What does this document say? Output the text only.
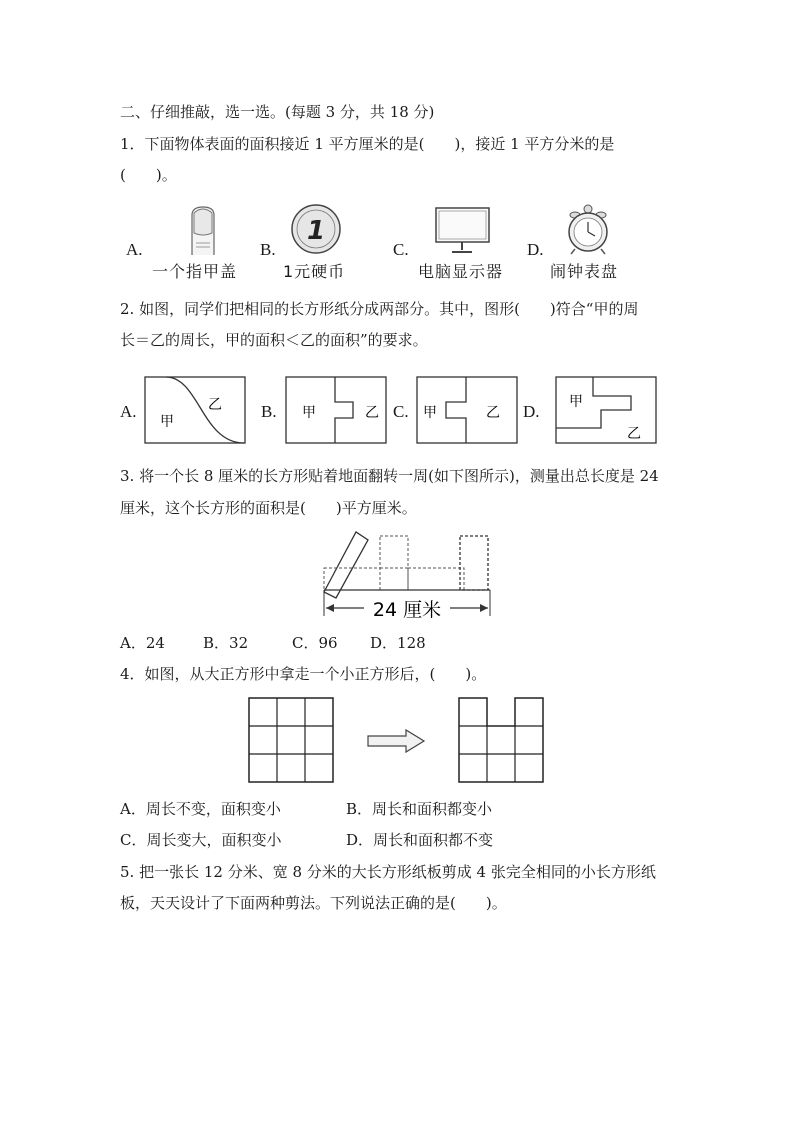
二、仔细推敲，选一选。(每题 3 分，共 18 分)
1．下面物体表面的面积接近 1 平方厘米的是(　　)，接近 1 平方分米的是
(　　)。
A.
一个指甲盖
B.
1
1元硬币
C.
电脑显示器
D.
闹钟表盘
2. 如图，同学们把相同的长方形纸分成两部分。其中，图形(　　)符合“甲的周
长＝乙的周长，甲的面积＜乙的面积”的要求。
A.
甲
乙 B. 甲	乙 C. 甲	乙 D. 甲
乙
3. 将一个长 8 厘米的长方形贴着地面翻转一周(如下图所示)，测量出总长度是 24
厘米，这个长方形的面积是(　　)平方厘米。
24 厘米
A．24	B．32	C．96 D．128
4．如图，从大正方形中拿走一个小正方形后，(　　)。
A．周长不变，面积变小	B．周长和面积都变小
C．周长变大，面积变小	D．周长和面积都不变
5. 把一张长 12 分米、宽 8 分米的大长方形纸板剪成 4 张完全相同的小长方形纸
板，天天设计了下面两种剪法。下列说法正确的是(　　)。
